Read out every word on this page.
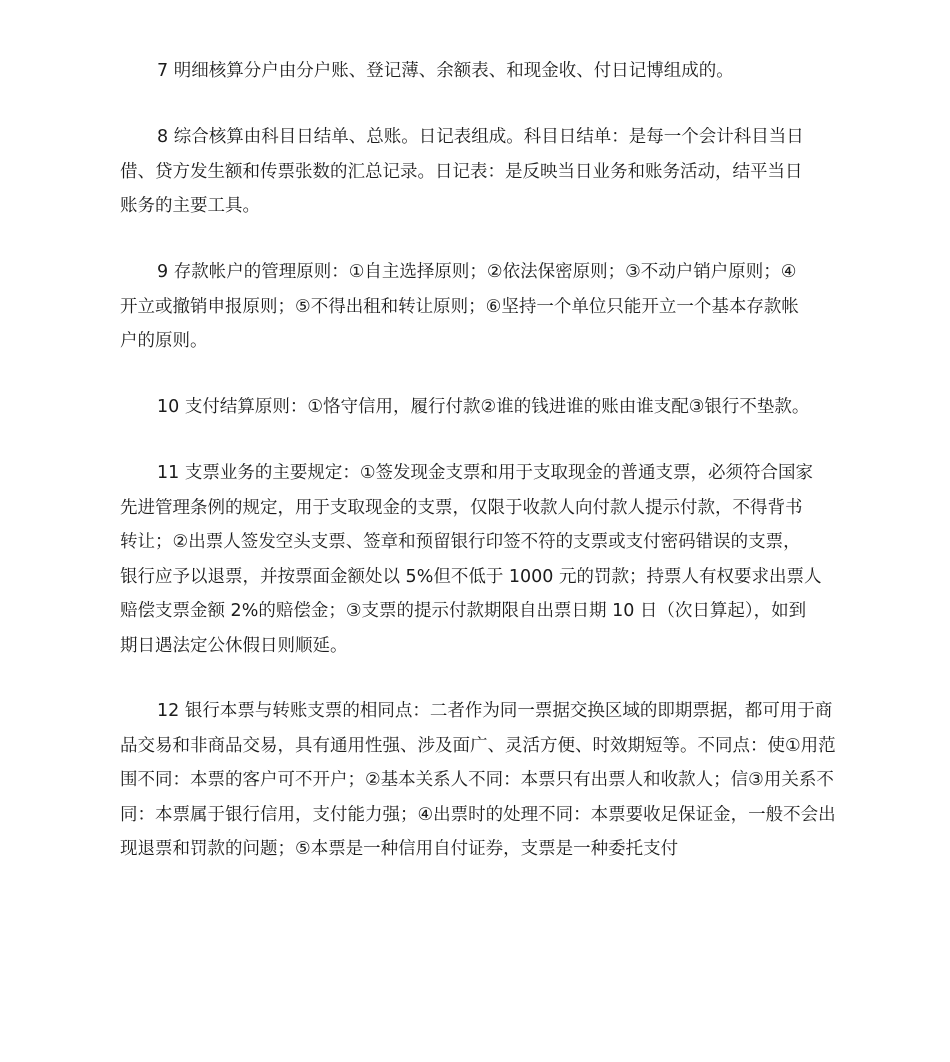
7 明细核算分户由分户账、登记薄、余额表、和现金收、付日记博组成的。

8 综合核算由科目日结单、总账。日记表组成。科目日结单：是每一个会计科目当日
借、贷方发生额和传票张数的汇总记录。日记表：是反映当日业务和账务活动，结平当日
账务的主要工具。

9 存款帐户的管理原则：①自主选择原则；②依法保密原则；③不动户销户原则；④
开立或撤销申报原则；⑤不得出租和转让原则；⑥坚持一个单位只能开立一个基本存款帐
户的原则。

10 支付结算原则：①恪守信用，履行付款②谁的钱进谁的账由谁支配③银行不垫款。

11 支票业务的主要规定：①签发现金支票和用于支取现金的普通支票，必须符合国家
先进管理条例的规定，用于支取现金的支票，仅限于收款人向付款人提示付款，不得背书
转让；②出票人签发空头支票、签章和预留银行印签不符的支票或支付密码错误的支票，
银行应予以退票，并按票面金额处以 5%但不低于 1000 元的罚款；持票人有权要求出票人
赔偿支票金额 2%的赔偿金；③支票的提示付款期限自出票日期 10 日（次日算起），如到
期日遇法定公休假日则顺延。

12 银行本票与转账支票的相同点：二者作为同一票据交换区域的即期票据，都可用于商
品交易和非商品交易，具有通用性强、涉及面广、灵活方便、时效期短等。不同点：使①用范
围不同：本票的客户可不开户；②基本关系人不同：本票只有出票人和收款人；信③用关系不
同：本票属于银行信用，支付能力强；④出票时的处理不同：本票要收足保证金，一般不会出
现退票和罚款的问题；⑤本票是一种信用自付证券，支票是一种委托支付
